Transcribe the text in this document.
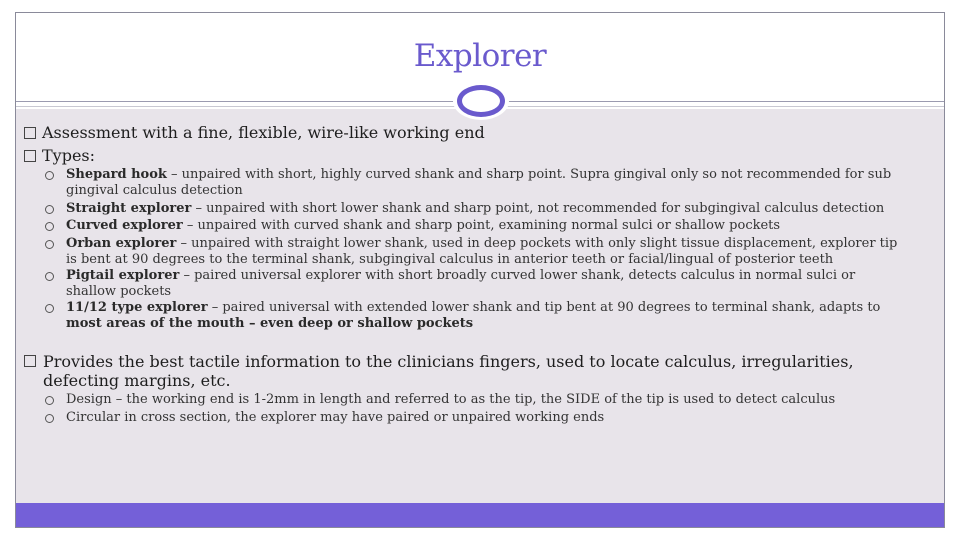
Explorer
Assessment with a fine, flexible, wire-like working end
Types:
Shepard hook – unpaired with short, highly curved shank and sharp point. Supra gingival only so not recommended for sub gingival calculus detection
Straight explorer – unpaired with short lower shank and sharp point, not recommended for subgingival calculus detection
Curved explorer – unpaired with curved shank and sharp point, examining normal sulci or shallow pockets
Orban explorer – unpaired with straight lower shank, used in deep pockets with only slight tissue displacement, explorer tip is bent at 90 degrees to the terminal shank, subgingival calculus in anterior teeth or facial/lingual of posterior teeth
Pigtail explorer – paired universal explorer with short broadly curved lower shank, detects calculus in normal sulci or shallow pockets
11/12 type explorer – paired universal with extended lower shank and tip bent at 90 degrees to terminal shank, adapts to most areas of the mouth – even deep or shallow pockets
Provides the best tactile information to the clinicians fingers, used to locate calculus, irregularities, defecting margins, etc.
Design – the working end is 1-2mm in length and referred to as the tip, the SIDE of the tip is used to detect calculus
Circular in cross section, the explorer may have paired or unpaired working ends
